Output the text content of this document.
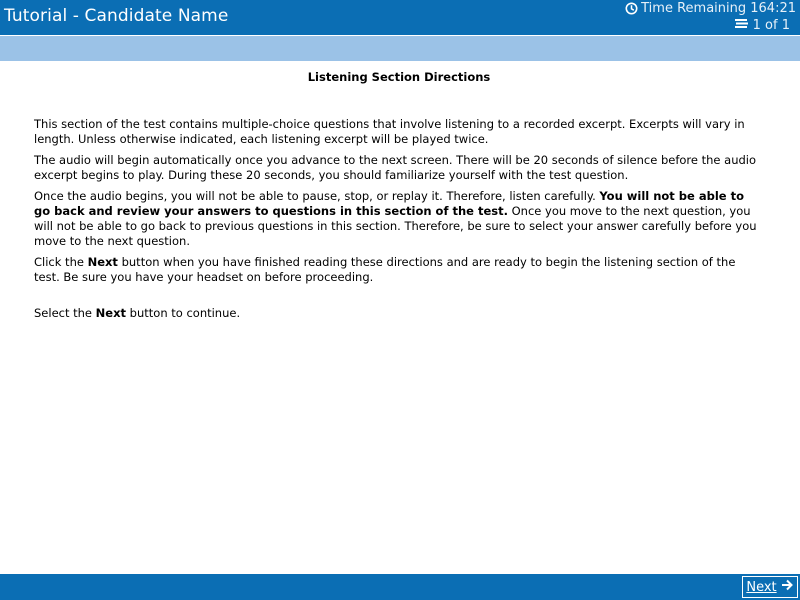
Tutorial - Candidate Name	Time Remaining 164:21
1 of 1
Listening Section Directions

This section of the test contains multiple-choice questions that involve listening to a recorded excerpt. Excerpts will vary in length. Unless otherwise indicated, each listening excerpt will be played twice.

The audio will begin automatically once you advance to the next screen. There will be 20 seconds of silence before the audio excerpt begins to play. During these 20 seconds, you should familiarize yourself with the test question.

Once the audio begins, you will not be able to pause, stop, or replay it. Therefore, listen carefully. You will not be able to go back and review your answers to questions in this section of the test. Once you move to the next question, you will not be able to go back to previous questions in this section. Therefore, be sure to select your answer carefully before you move to the next question.

Click the Next button when you have finished reading these directions and are ready to begin the listening section of the test. Be sure you have your headset on before proceeding.

Select the Next button to continue.

Next
